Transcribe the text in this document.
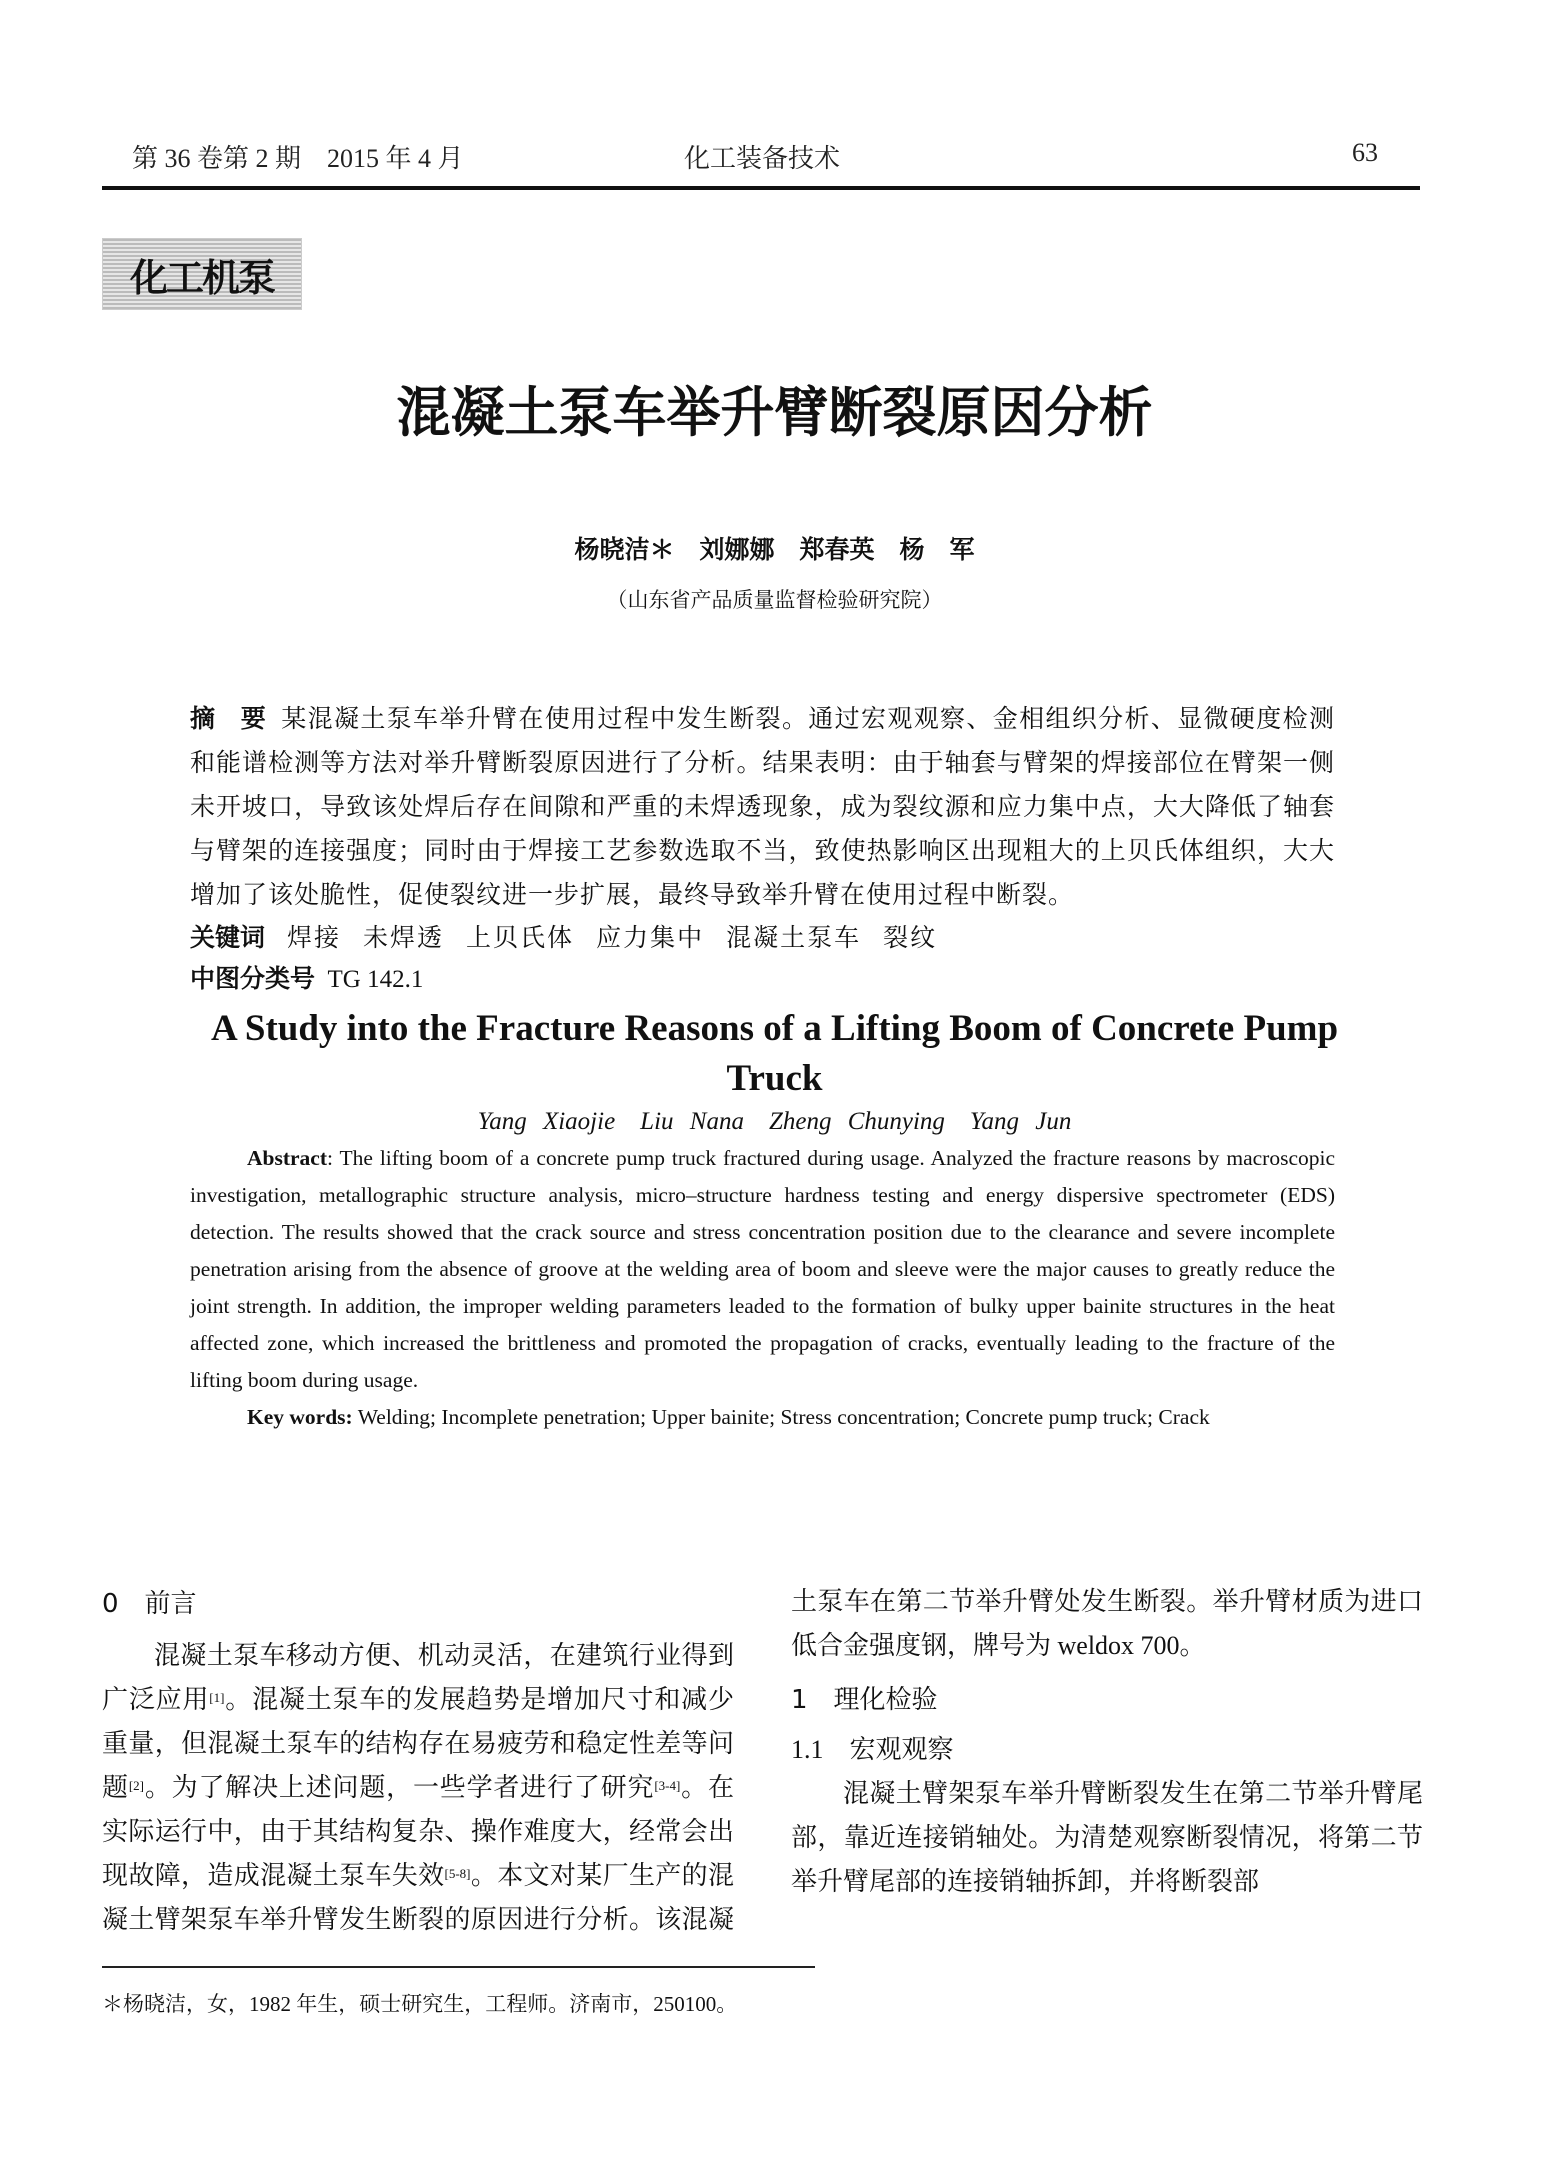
第 36 卷第 2 期　2015 年 4 月	化工装备技术	63
化工机泵
混凝土泵车举升臂断裂原因分析
杨晓洁＊　刘娜娜　郑春英　杨　军
（山东省产品质量监督检验研究院）
摘　要 某混凝土泵车举升臂在使用过程中发生断裂。通过宏观观察、金相组织分析、显微硬度检测和能谱检测等方法对举升臂断裂原因进行了分析。结果表明：由于轴套与臂架的焊接部位在臂架一侧未开坡口，导致该处焊后存在间隙和严重的未焊透现象，成为裂纹源和应力集中点，大大降低了轴套与臂架的连接强度；同时由于焊接工艺参数选取不当，致使热影响区出现粗大的上贝氏体组织，大大增加了该处脆性，促使裂纹进一步扩展，最终导致举升臂在使用过程中断裂。
关键词 焊接 未焊透 上贝氏体 应力集中 混凝土泵车 裂纹
中图分类号 TG 142.1
A Study into the Fracture Reasons of a Lifting Boom of Concrete Pump Truck
Yang Xiaojie　Liu Nana　Zheng Chunying　Yang Jun
Abstract: The lifting boom of a concrete pump truck fractured during usage. Analyzed the fracture reasons by macroscopic investigation, metallographic structure analysis, micro–structure hardness testing and energy dispersive spectrometer (EDS) detection. The results showed that the crack source and stress concentration position due to the clearance and severe incomplete penetration arising from the absence of groove at the welding area of boom and sleeve were the major causes to greatly reduce the joint strength. In addition, the improper welding parameters leaded to the formation of bulky upper bainite structures in the heat affected zone, which increased the brittleness and promoted the propagation of cracks, eventually leading to the fracture of the lifting boom during usage.
Key words: Welding; Incomplete penetration; Upper bainite; Stress concentration; Concrete pump truck; Crack
0　前言
混凝土泵车移动方便、机动灵活，在建筑行业得到广泛应用[1]。混凝土泵车的发展趋势是增加尺寸和减少重量，但混凝土泵车的结构存在易疲劳和稳定性差等问题[2]。为了解决上述问题，一些学者进行了研究[3-4]。在实际运行中，由于其结构复杂、操作难度大，经常会出现故障，造成混凝土泵车失效[5-8]。本文对某厂生产的混凝土臂架泵车举升臂发生断裂的原因进行分析。该混凝土泵车在第二节举升臂处发生断裂。举升臂材质为进口低合金强度钢，牌号为 weldox 700。
1　理化检验
1.1　宏观观察
混凝土臂架泵车举升臂断裂发生在第二节举升臂尾部，靠近连接销轴处。为清楚观察断裂情况，将第二节举升臂尾部的连接销轴拆卸，并将断裂部
＊杨晓洁，女，1982 年生，硕士研究生，工程师。济南市，250100。
